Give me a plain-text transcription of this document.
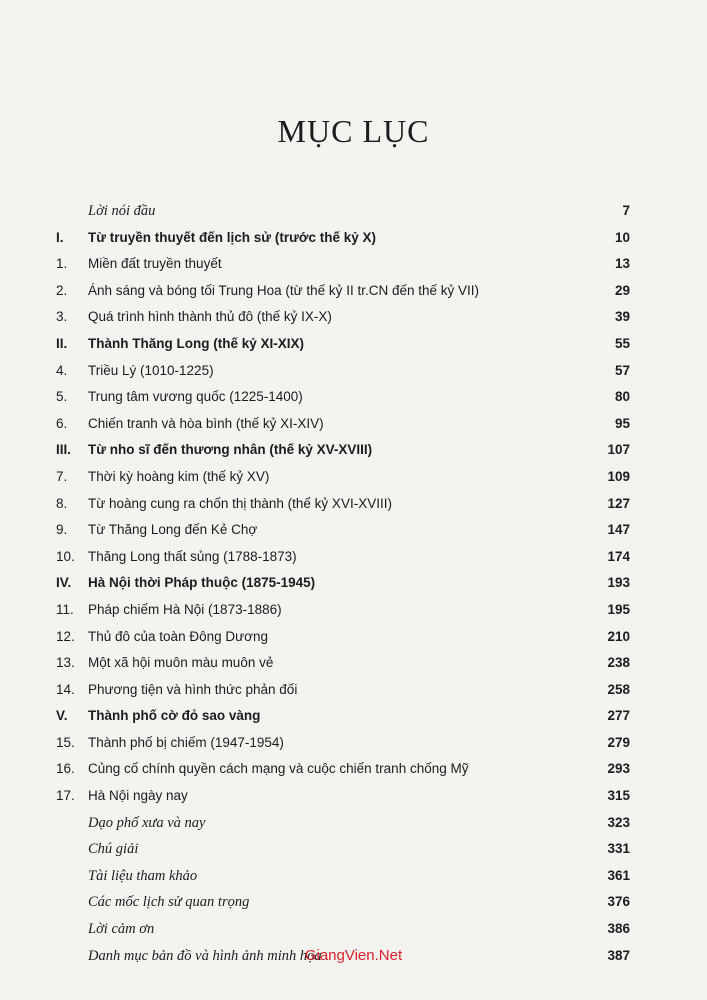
MỤC LỤC
Lời nói đầu	7
I. Từ truyền thuyết đến lịch sử (trước thế kỷ X)	10
1. Miền đất truyền thuyết	13
2. Ánh sáng và bóng tối Trung Hoa (từ thế kỷ II tr.CN đến thế kỷ VII)	29
3. Quá trình hình thành thủ đô (thế kỷ IX-X)	39
II. Thành Thăng Long (thế kỷ XI-XIX)	55
4. Triều Lý (1010-1225)	57
5. Trung tâm vương quốc (1225-1400)	80
6. Chiến tranh và hòa bình (thế kỷ XI-XIV)	95
III. Từ nho sĩ đến thương nhân (thế kỷ XV-XVIII)	107
7. Thời kỳ hoàng kim (thế kỷ XV)	109
8. Từ hoàng cung ra chốn thị thành (thế kỷ XVI-XVIII)	127
9. Từ Thăng Long đến Kẻ Chợ	147
10. Thăng Long thất sủng (1788-1873)	174
IV. Hà Nội thời Pháp thuộc (1875-1945)	193
11. Pháp chiếm Hà Nội (1873-1886)	195
12. Thủ đô của toàn Đông Dương	210
13. Một xã hội muôn màu muôn vẻ	238
14. Phương tiện và hình thức phản đối	258
V. Thành phố cờ đỏ sao vàng	277
15. Thành phố bị chiếm (1947-1954)	279
16. Củng cố chính quyền cách mạng và cuộc chiến tranh chống Mỹ	293
17. Hà Nội ngày nay	315
Dạo phố xưa và nay	323
Chú giải	331
Tài liệu tham khảo	361
Các mốc lịch sử quan trọng	376
Lời cảm ơn	386
Danh mục bản đồ và hình ảnh minh họa	387
GiangVien.Net
